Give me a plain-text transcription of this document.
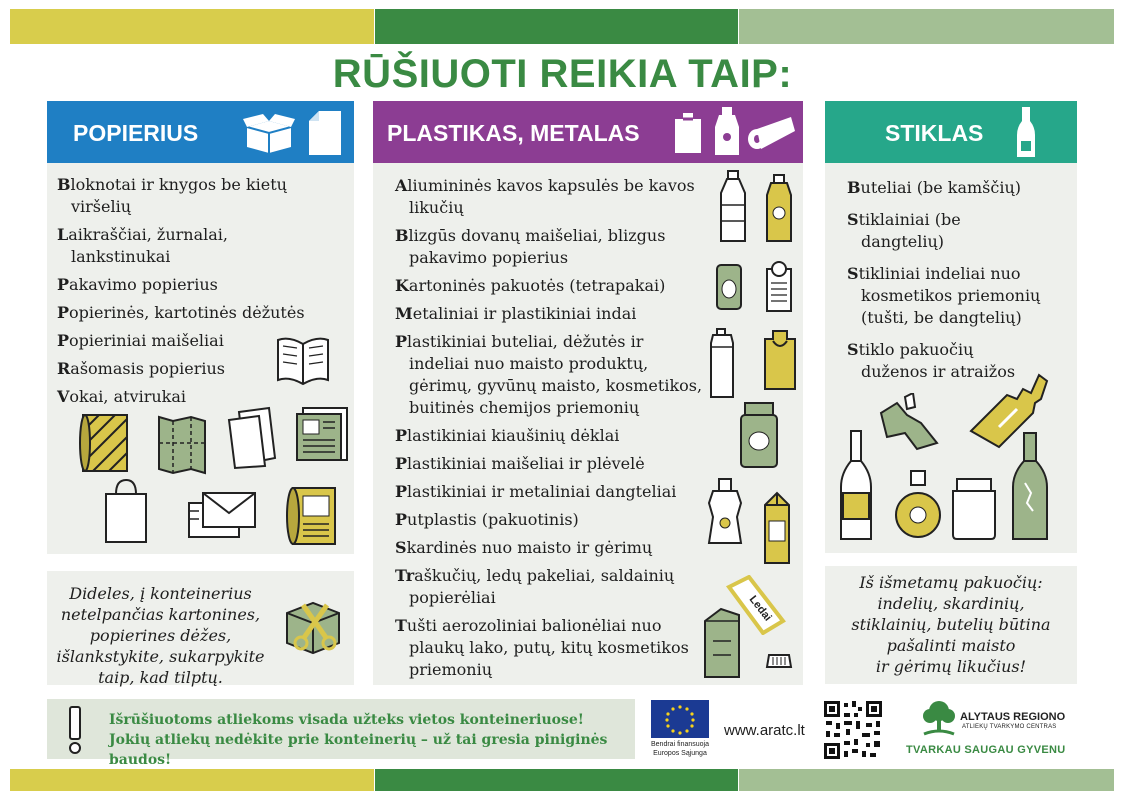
RŪŠIUOTI REIKIA TAIP:
POPIERIUS
Bloknotai ir knygos be kietų
viršelių
Laikraščiai, žurnalai,
lankstinukai
Pakavimo popierius
Popierinės, kartotinės dėžutės
Popieriniai maišeliai
Rašomasis popierius
Vokai, atvirukai
Dideles, į konteinerius
netelpančias kartonines,
popierines dėžes,
išlankstykite, sukarpykite
taip, kad tilptų.
PLASTIKAS, METALAS
Aliumininės kavos kapsulės be kavos
likučių
Blizgūs dovanų maišeliai, blizgus
pakavimo popierius
Kartoninės pakuotės (tetrapakai)
Metaliniai ir plastikiniai indai
Plastikiniai buteliai, dėžutės ir
indeliai nuo maisto produktų,
gėrimų, gyvūnų maisto, kosmetikos,
buitinės chemijos priemonių
Plastikiniai kiaušinių dėklai
Plastikiniai maišeliai ir plėvelė
Plastikiniai ir metaliniai dangteliai
Putplastis (pakuotinis)
Skardinės nuo maisto ir gėrimų
Traškučių, ledų pakeliai, saldainių
popierėliai
Tušti aerozoliniai balionėliai nuo
plaukų lako, putų, kitų kosmetikos
priemonių
Ledai
STIKLAS
Buteliai (be kamščių)
Stiklainiai (be
dangtelių)
Stikliniai indeliai nuo
kosmetikos priemonių
(tušti, be dangtelių)
Stiklo pakuočių
duženos ir atraižos
Iš išmetamų pakuočių:
indelių, skardinių,
stiklainių, butelių būtina
pašalinti maisto
ir gėrimų likučius!
Išrūšiuotoms atliekoms visada užteks vietos konteineriuose!
Jokių atliekų nedėkite prie konteinerių – už tai gresia piniginės baudos!
Bendrai finansuoja
Europos Sąjunga
www.aratc.lt
ALYTAUS REGIONO
ATLIEKŲ TVARKYMO CENTRAS
TVARKAU SAUGAU GYVENU
